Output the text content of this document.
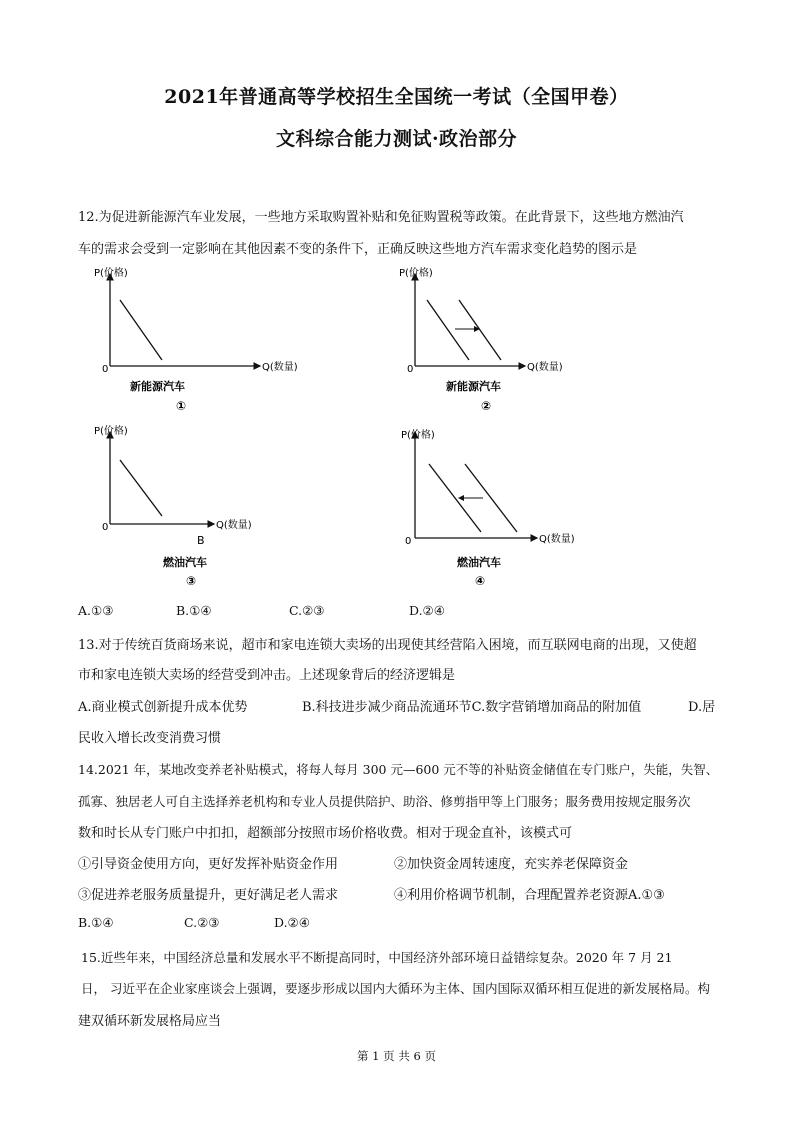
2021年普通高等学校招生全国统一考试（全国甲卷）
文科综合能力测试·政治部分
12.为促进新能源汽车业发展，一些地方采取购置补贴和免征购置税等政策。在此背景下，这些地方燃油汽
车的需求会受到一定影响在其他因素不变的条件下，正确反映这些地方汽车需求变化趋势的图示是
P(价格)
Q(数量)
0
新能源汽车
①
P(价格)
Q(数量)
0
新能源汽车
②
P(价格)
Q(数量)
0
B
燃油汽车
③
P(价格)
Q(数量)
0
燃油汽车
④
A.①③	B.①④	C.②③	D.②④
13.对于传统百货商场来说，超市和家电连锁大卖场的出现使其经营陷入困境，而互联网电商的出现，又使超
市和家电连锁大卖场的经营受到冲击。上述现象背后的经济逻辑是
A.商业模式创新提升成本优势	B.科技进步减少商品流通环节C.数字营销增加商品的附加值	D.居
民收入增长改变消费习惯
14.2021 年，某地改变养老补贴模式，将每人每月 300 元—600 元不等的补贴资金储值在专门账户，失能，失智、
孤寡、独居老人可自主选择养老机构和专业人员提供陪护、助浴、修剪指甲等上门服务；服务费用按规定服务次
数和时长从专门账户中扣扣，超额部分按照市场价格收费。相对于现金直补，该模式可
①引导资金使用方向，更好发挥补贴资金作用	②加快资金周转速度，充实养老保障资金
③促进养老服务质量提升，更好满足老人需求	④利用价格调节机制，合理配置养老资源A.①③
B.①④	C.②③	D.②④
15.近些年来，中国经济总量和发展水平不断提高同时，中国经济外部环境日益错综复杂。2020 年 7 月 21
日， 习近平在企业家座谈会上强调，要逐步形成以国内大循环为主体、国内国际双循环相互促进的新发展格局。构
建双循环新发展格局应当
第 1 页 共 6 页
